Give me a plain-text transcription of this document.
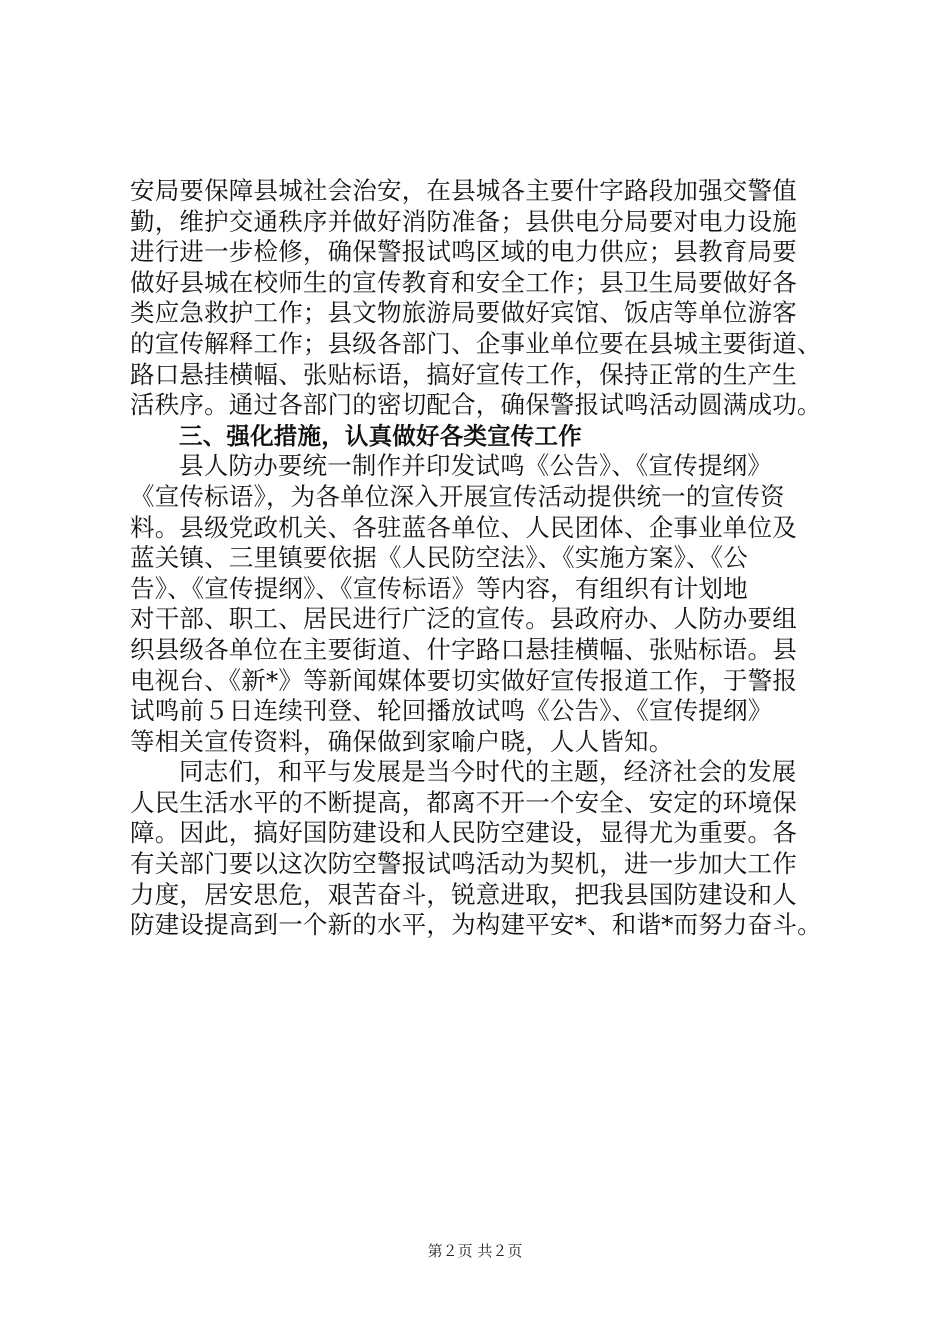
安局要保障县城社会治安，在县城各主要什字路段加强交警值
勤，维护交通秩序并做好消防准备；县供电分局要对电力设施
进行进一步检修，确保警报试鸣区域的电力供应；县教育局要
做好县城在校师生的宣传教育和安全工作；县卫生局要做好各
类应急救护工作；县文物旅游局要做好宾馆、饭店等单位游客
的宣传解释工作；县级各部门、企事业单位要在县城主要街道、
路口悬挂横幅、张贴标语，搞好宣传工作，保持正常的生产生
活秩序。通过各部门的密切配合，确保警报试鸣活动圆满成功。
三、强化措施，认真做好各类宣传工作
县人防办要统一制作并印发试鸣《公告》、《宣传提纲》
《宣传标语》，为各单位深入开展宣传活动提供统一的宣传资
料。县级党政机关、各驻蓝各单位、人民团体、企事业单位及
蓝关镇、三里镇要依据《人民防空法》、《实施方案》、《公
告》、《宣传提纲》、《宣传标语》等内容，有组织有计划地
对干部、职工、居民进行广泛的宣传。县政府办、人防办要组
织县级各单位在主要街道、什字路口悬挂横幅、张贴标语。县
电视台、《新*》等新闻媒体要切实做好宣传报道工作，于警报
试鸣前５日连续刊登、轮回播放试鸣《公告》、《宣传提纲》
等相关宣传资料，确保做到家喻户晓，人人皆知。
同志们，和平与发展是当今时代的主题，经济社会的发展
人民生活水平的不断提高，都离不开一个安全、安定的环境保
障。因此，搞好国防建设和人民防空建设，显得尤为重要。各
有关部门要以这次防空警报试鸣活动为契机，进一步加大工作
力度，居安思危，艰苦奋斗，锐意进取，把我县国防建设和人
防建设提高到一个新的水平，为构建平安*、和谐*而努力奋斗。
第２页 共２页
